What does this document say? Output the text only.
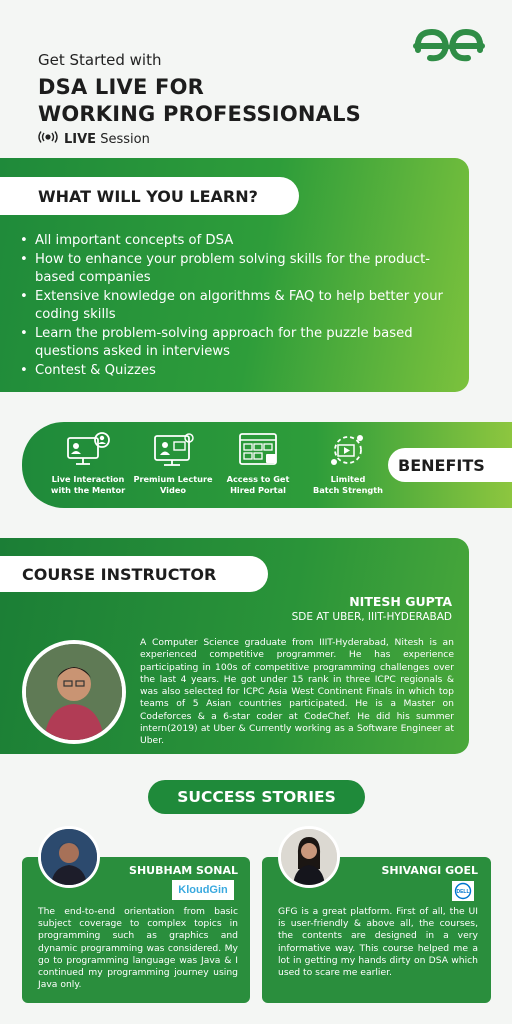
Get Started with
DSA LIVE FOR
WORKING PROFESSIONALS
LIVE Session
WHAT WILL YOU LEARN?
• All important concepts of DSA
• How to enhance your problem solving skills for the product-based companies
• Extensive knowledge on algorithms & FAQ to help better your coding skills
• Learn the problem-solving approach for the puzzle based questions asked in interviews
• Contest & Quizzes
Live Interaction
with the Mentor
Premium Lecture
Video
Access to Get
Hired Portal
Limited
Batch Strength
BENEFITS
COURSE INSTRUCTOR
NITESH GUPTA
SDE AT UBER, IIIT-HYDERABAD
A Computer Science graduate from IIIT-Hyderabad, Nitesh is an experienced competitive programmer. He has experience participating in 100s of competitive programming challenges over the last 4 years. He got under 15 rank in three ICPC regionals & was also selected for ICPC Asia West Continent Finals in which top teams of 5 Asian countries participated. He is a Master on Codeforces & a 6-star coder at CodeChef. He did his summer intern(2019) at Uber & Currently working as a Software Engineer at Uber.
SUCCESS STORIES
SHUBHAM SONAL	SHIVANGI GOEL
KloudGin	DELL
The end-to-end orientation from basic subject coverage to complex topics in programming such as graphics and dynamic programming was considered. My go to programming language was Java & I continued my programming journey using Java only.
GFG is a great platform. First of all, the UI is user-friendly & above all, the courses, the contents are designed in a very informative way. This course helped me a lot in getting my hands dirty on DSA which used to scare me earlier.
